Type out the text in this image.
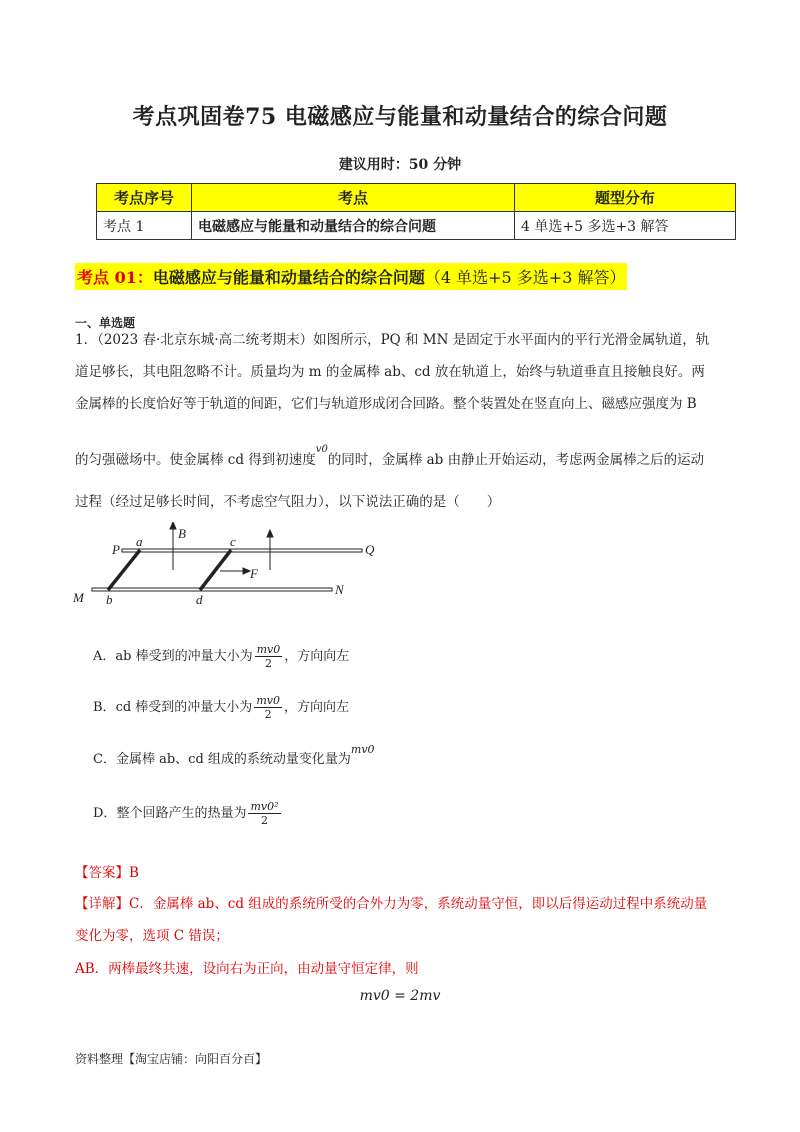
考点巩固卷75 电磁感应与能量和动量结合的综合问题
建议用时：50 分钟
考点序号	考点	题型分布
考点 1	电磁感应与能量和动量结合的综合问题	4 单选+5 多选+3 解答
考点 01：电磁感应与能量和动量结合的综合问题（4 单选+5 多选+3 解答）
一、单选题
1．（2023 春·北京东城·高二统考期末）如图所示，PQ 和 MN 是固定于水平面内的平行光滑金属轨道，轨
道足够长，其电阻忽略不计。质量均为 m 的金属棒 ab、cd 放在轨道上，始终与轨道垂直且接触良好。两
金属棒的长度恰好等于轨道的间距，它们与轨道形成闭合回路。整个装置处在竖直向上、磁感应强度为 B
的匀强磁场中。使金属棒 cd 得到初速度$^{v0}$的同时，金属棒 ab 由静止开始运动，考虑两金属棒之后的运动
过程（经过足够长时间，不考虑空气阻力），以下说法正确的是（　　）
P	Q
M
N
a
b
c
d
B
F
A．ab 棒受到的冲量大小为 $\frac{mv0}{2}$ ，方向向左
B．cd 棒受到的冲量大小为 $\frac{mv0}{2}$ ，方向向左
C．金属棒 ab、cd 组成的系统动量变化量为$^{mv0}$
D．整个回路产生的热量为 $\frac{\text{mv0²}}{2}$
【答案】B
【详解】C．金属棒 ab、cd 组成的系统所受的合外力为零，系统动量守恒，即以后得运动过程中系统动量
变化为零，选项 C 错误；
AB．两棒最终共速，设向右为正向，由动量守恒定律，则
mv0 = 2mv
资料整理【淘宝店铺：向阳百分百】
